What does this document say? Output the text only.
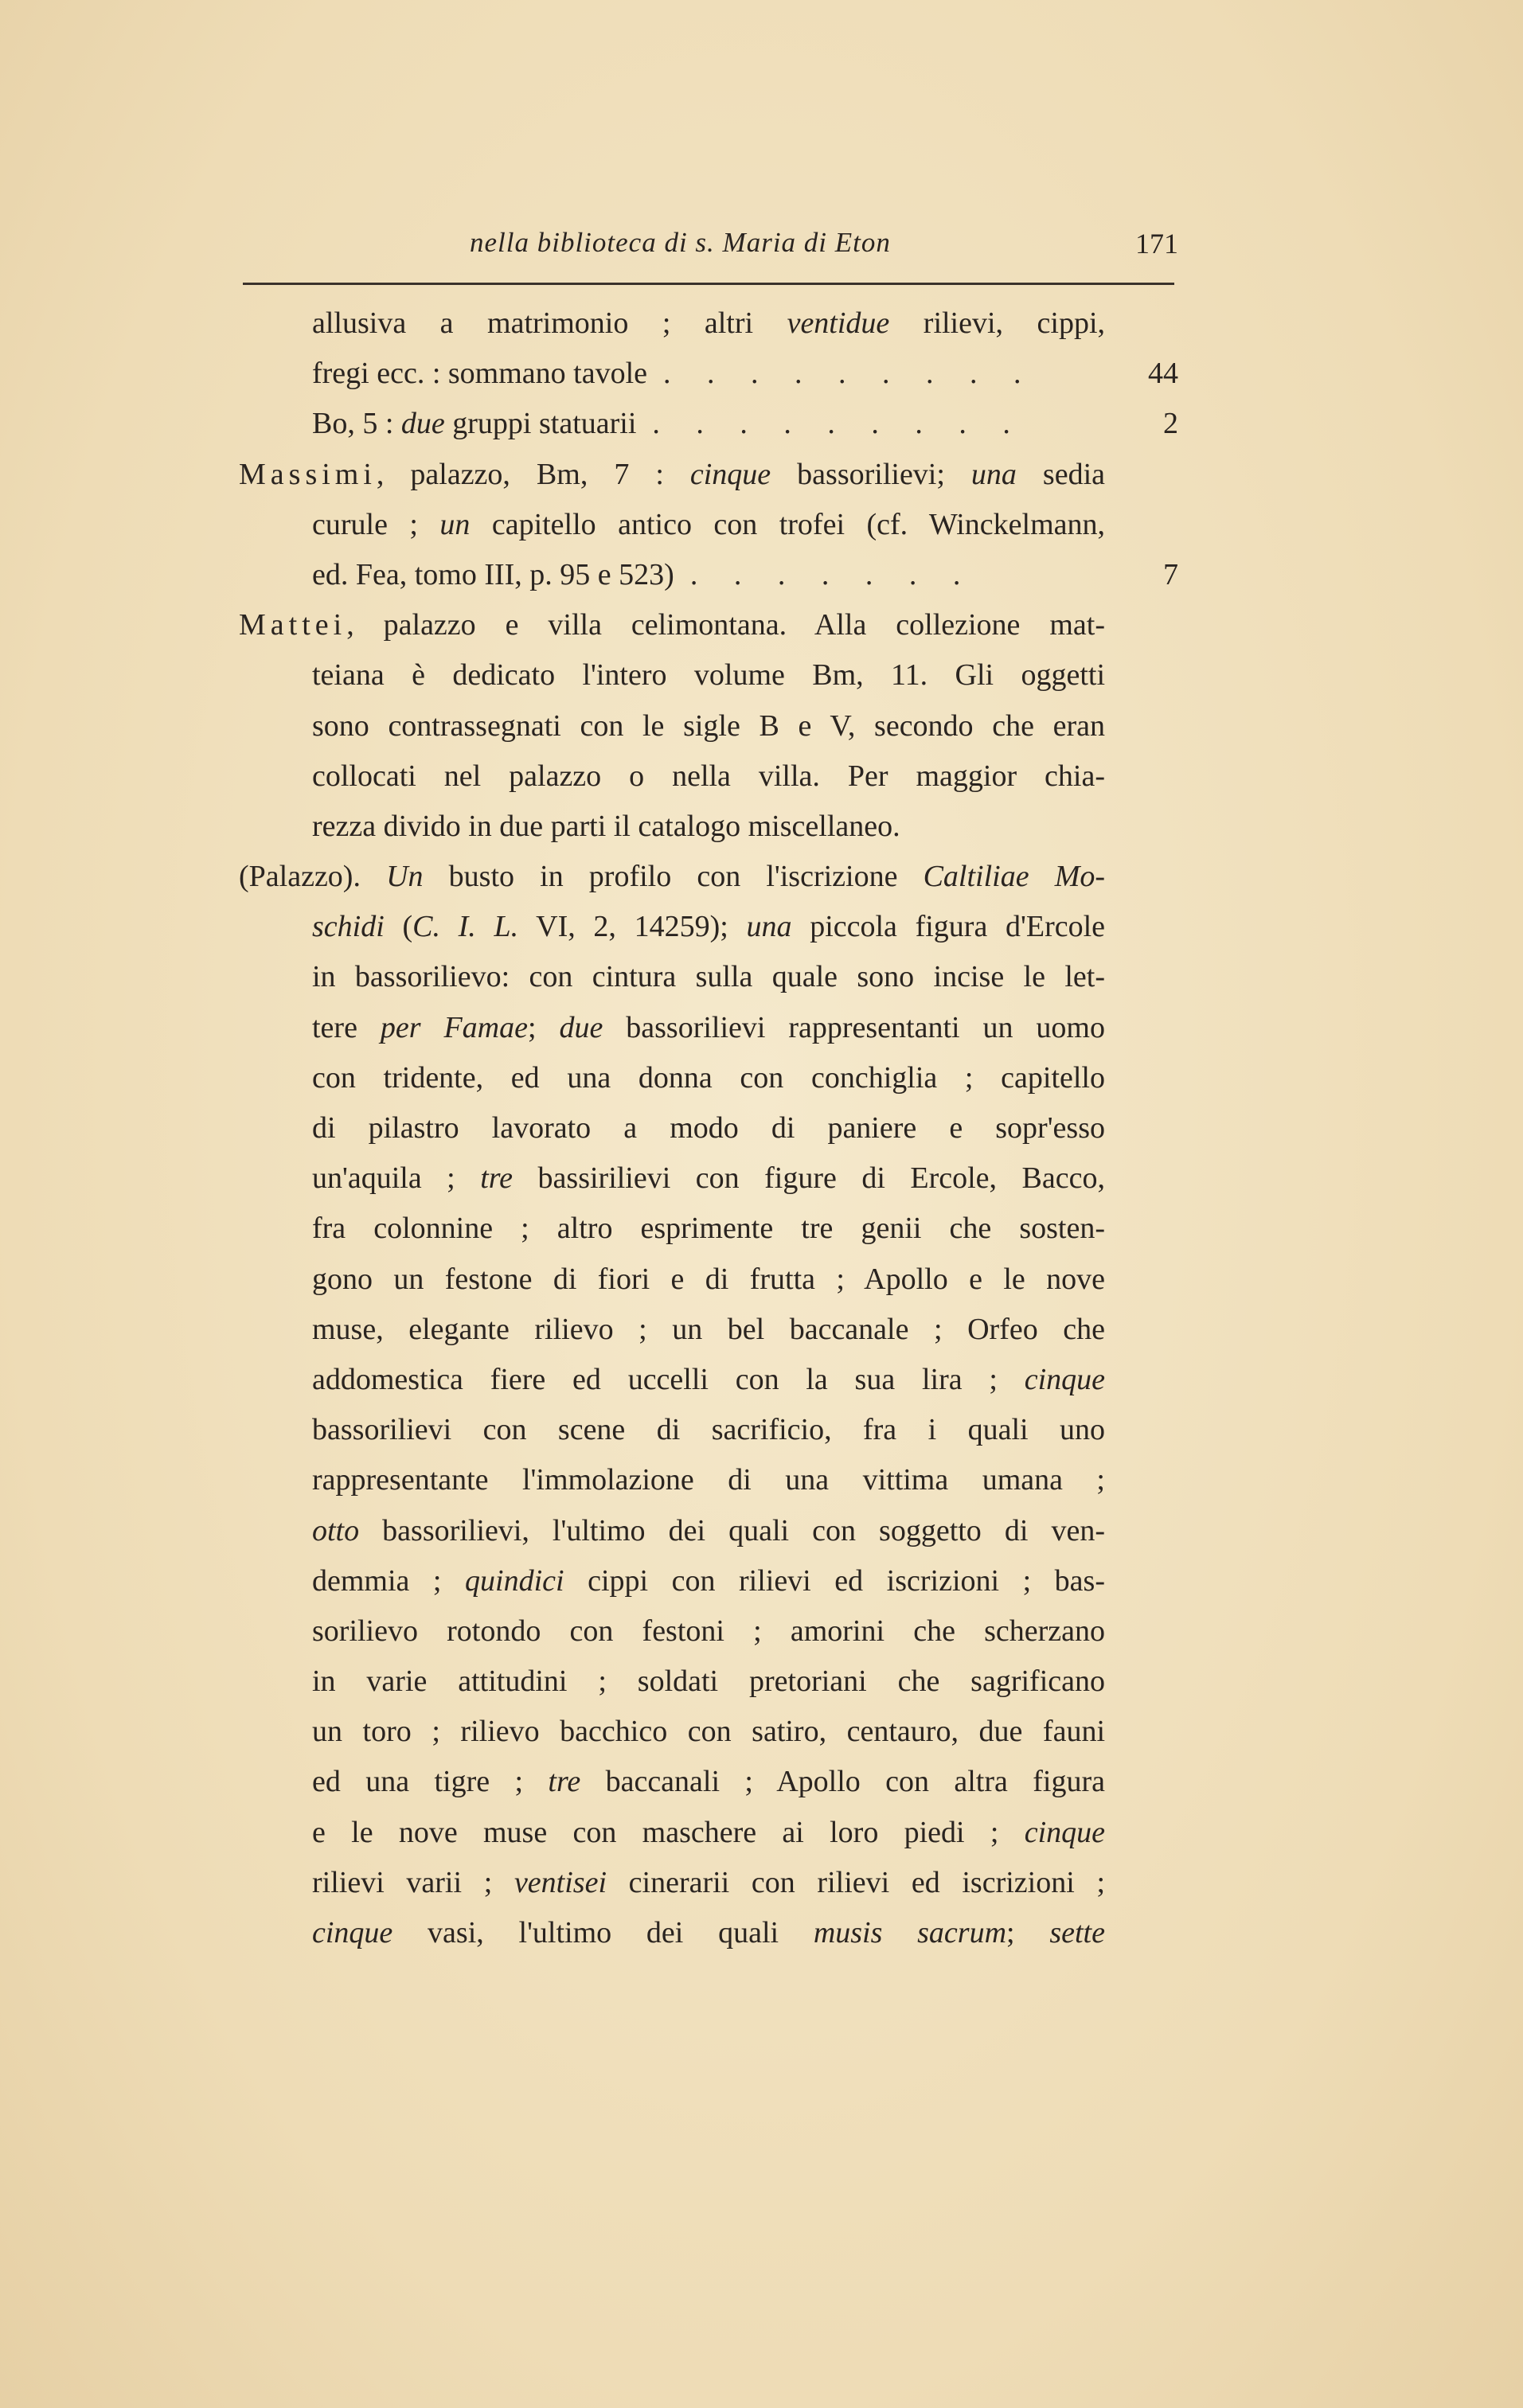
nella biblioteca di s. Maria di Eton	171
allusiva a matrimonio ; altri ventidue rilievi, cippi,
fregi ecc. : sommano tavole . . . . . . . . .	44
Bo, 5 : due gruppi statuarii . . . . . . . . .	2
Massimi, palazzo, Bm, 7 : cinque bassorilievi; una sedia
curule ; un capitello antico con trofei (cf. Winckelmann,
ed. Fea, tomo III, p. 95 e 523) . . . . . . .	7
Mattei, palazzo e villa celimontana. Alla collezione mat-
teiana è dedicato l'intero volume Bm, 11. Gli oggetti
sono contrassegnati con le sigle B e V, secondo che eran
collocati nel palazzo o nella villa. Per maggior chia-
rezza divido in due parti il catalogo miscellaneo.
(Palazzo). Un busto in profilo con l'iscrizione Caltiliae Mo-
schidi (C. I. L. VI, 2, 14259); una piccola figura d'Ercole
in bassorilievo: con cintura sulla quale sono incise le let-
tere per Famae; due bassorilievi rappresentanti un uomo
con tridente, ed una donna con conchiglia ; capitello
di pilastro lavorato a modo di paniere e sopr'esso
un'aquila ; tre bassirilievi con figure di Ercole, Bacco,
fra colonnine ; altro esprimente tre genii che sosten-
gono un festone di fiori e di frutta ; Apollo e le nove
muse, elegante rilievo ; un bel baccanale ; Orfeo che
addomestica fiere ed uccelli con la sua lira ; cinque
bassorilievi con scene di sacrificio, fra i quali uno
rappresentante l'immolazione di una vittima umana ;
otto bassorilievi, l'ultimo dei quali con soggetto di ven-
demmia ; quindici cippi con rilievi ed iscrizioni ; bas-
sorilievo rotondo con festoni ; amorini che scherzano
in varie attitudini ; soldati pretoriani che sagrificano
un toro ; rilievo bacchico con satiro, centauro, due fauni
ed una tigre ; tre baccanali ; Apollo con altra figura
e le nove muse con maschere ai loro piedi ; cinque
rilievi varii ; ventisei cinerarii con rilievi ed iscrizioni ;
cinque vasi, l'ultimo dei quali musis sacrum; sette
